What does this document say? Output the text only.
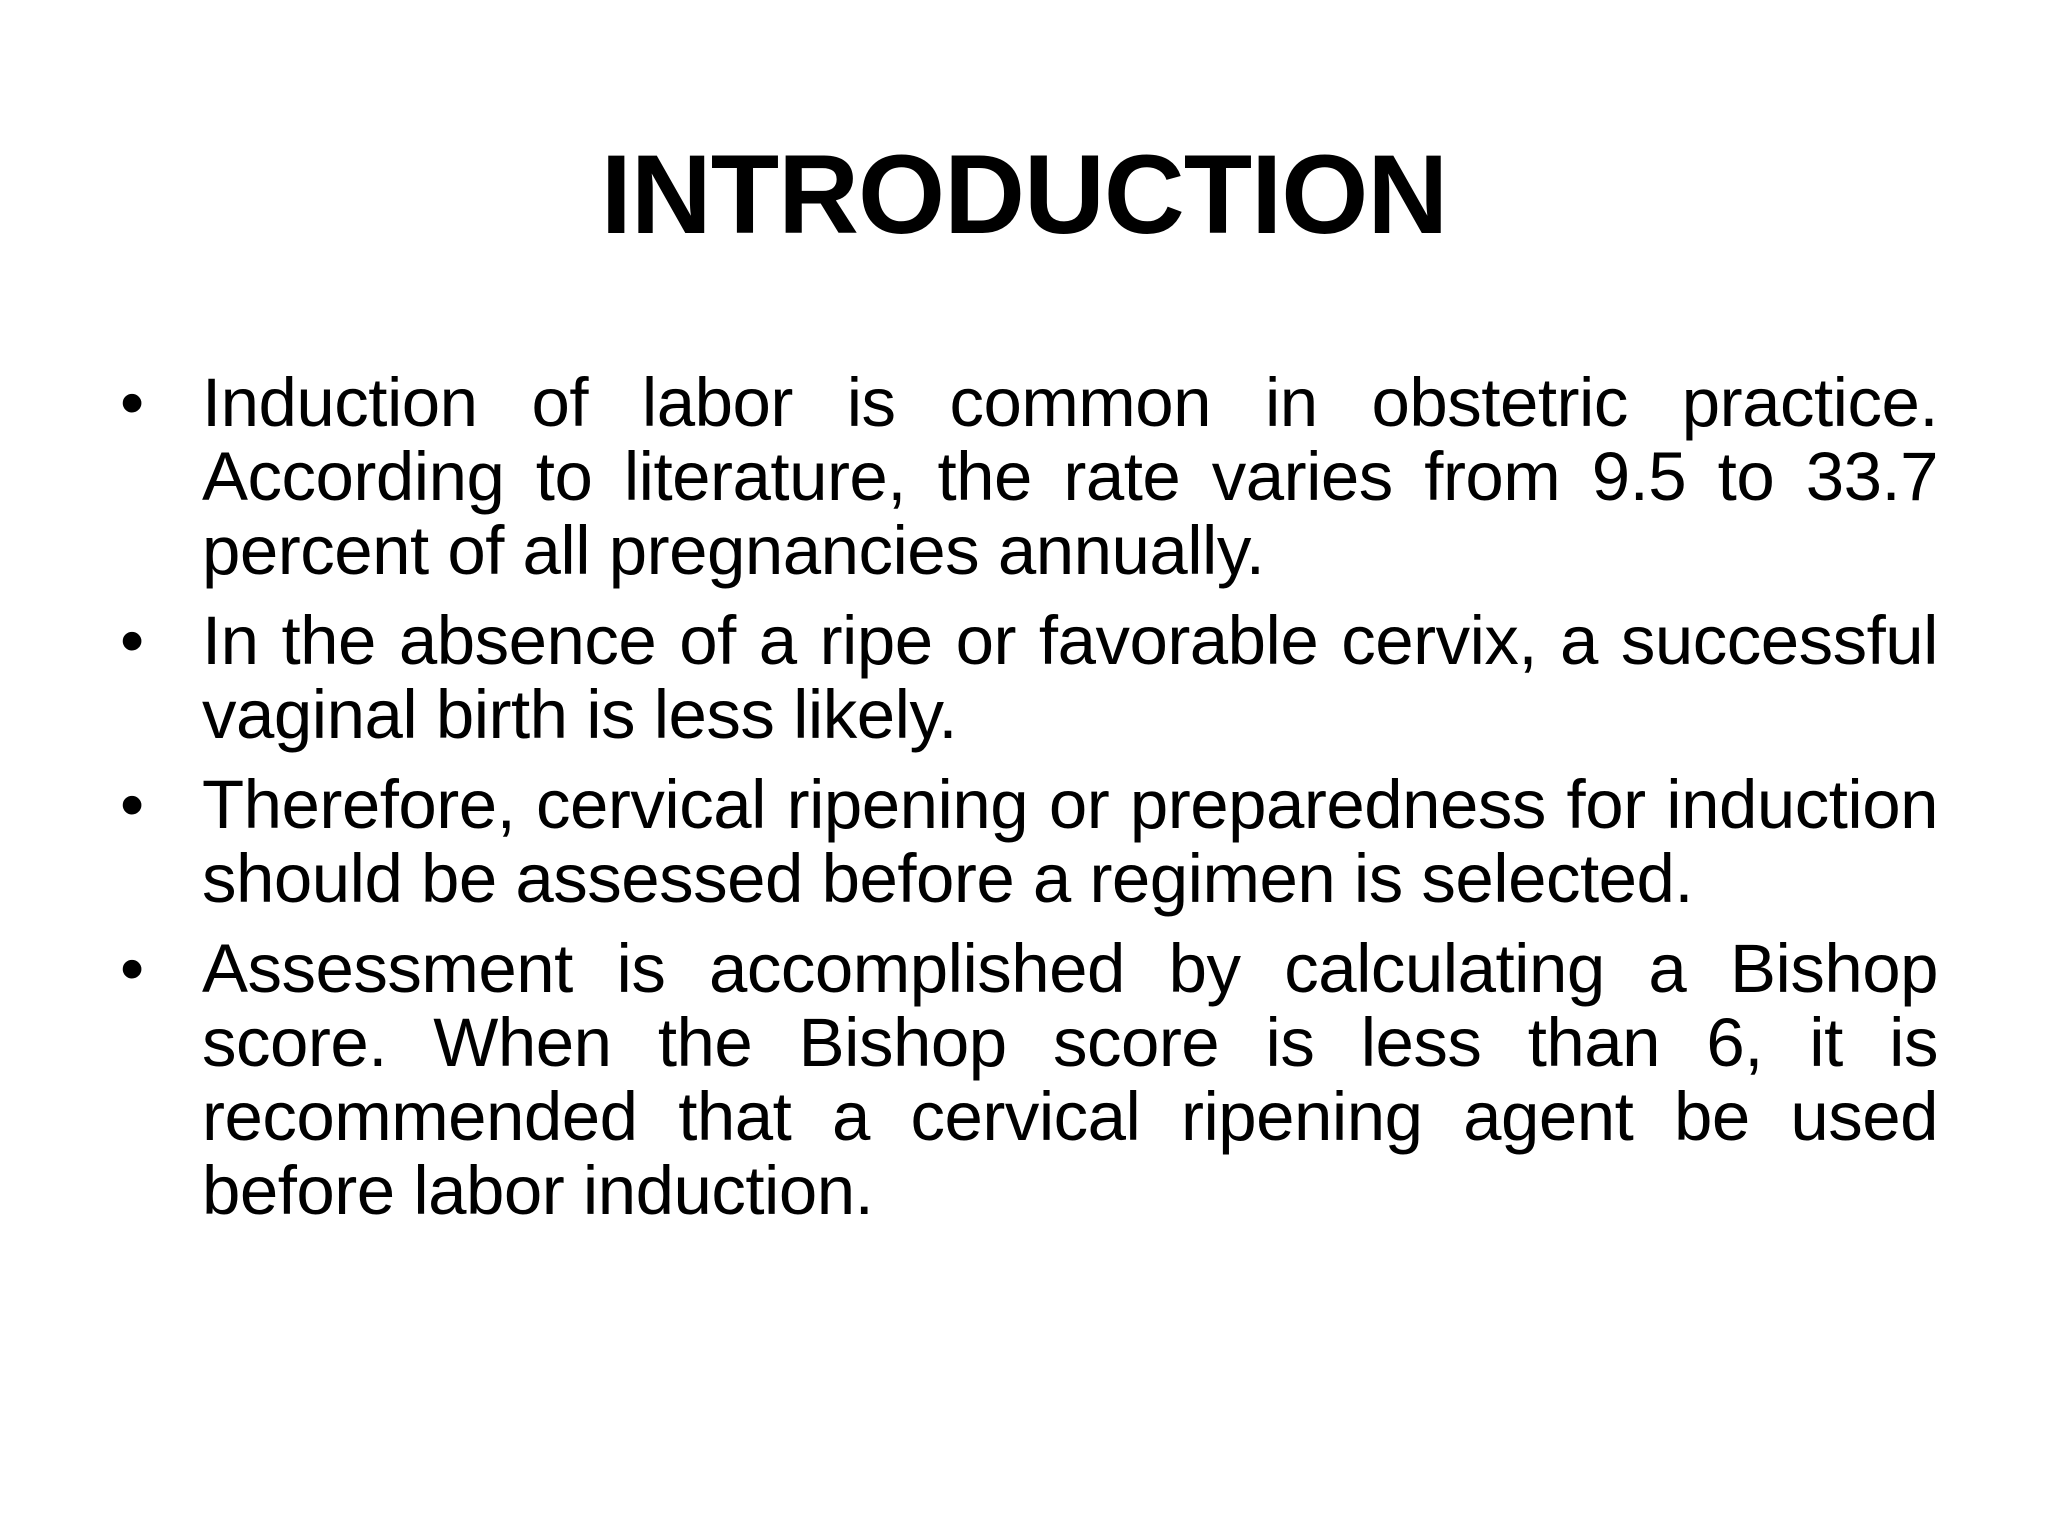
INTRODUCTION
• Induction of labor is common in obstetric practice. According to literature, the rate varies from 9.5 to 33.7 percent of all pregnancies annually.
• In the absence of a ripe or favorable cervix, a successful vaginal birth is less likely.
• Therefore, cervical ripening or preparedness for induction should be assessed before a regimen is selected.
• Assessment is accomplished by calculating a Bishop score. When the Bishop score is less than 6, it is recommended that a cervical ripening agent be used before labor induction.
